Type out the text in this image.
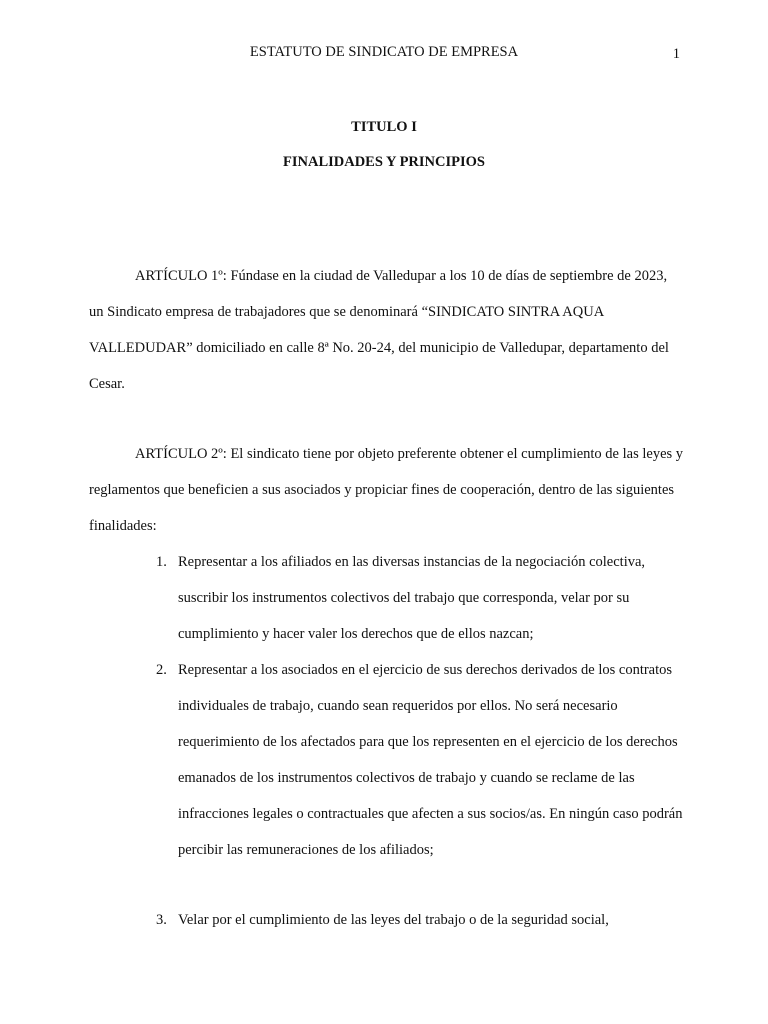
ESTATUTO DE SINDICATO DE EMPRESA	1
TITULO I
FINALIDADES Y PRINCIPIOS

ARTÍCULO 1º: Fúndase en la ciudad de Valledupar a los 10 de días de septiembre de 2023, un Sindicato empresa de trabajadores que se denominará “SINDICATO SINTRA AQUA VALLEDUDAR” domiciliado en calle 8ª No. 20-24, del municipio de Valledupar, departamento del Cesar.

ARTÍCULO 2º: El sindicato tiene por objeto preferente obtener el cumplimiento de las leyes y reglamentos que beneficien a sus asociados y propiciar fines de cooperación, dentro de las siguientes finalidades:

1. Representar a los afiliados en las diversas instancias de la negociación colectiva, suscribir los instrumentos colectivos del trabajo que corresponda, velar por su cumplimiento y hacer valer los derechos que de ellos nazcan;
2. Representar a los asociados en el ejercicio de sus derechos derivados de los contratos individuales de trabajo, cuando sean requeridos por ellos. No será necesario requerimiento de los afectados para que los representen en el ejercicio de los derechos emanados de los instrumentos colectivos de trabajo y cuando se reclame de las infracciones legales o contractuales que afecten a sus socios/as. En ningún caso podrán percibir las remuneraciones de los afiliados;
3. Velar por el cumplimiento de las leyes del trabajo o de la seguridad social,
